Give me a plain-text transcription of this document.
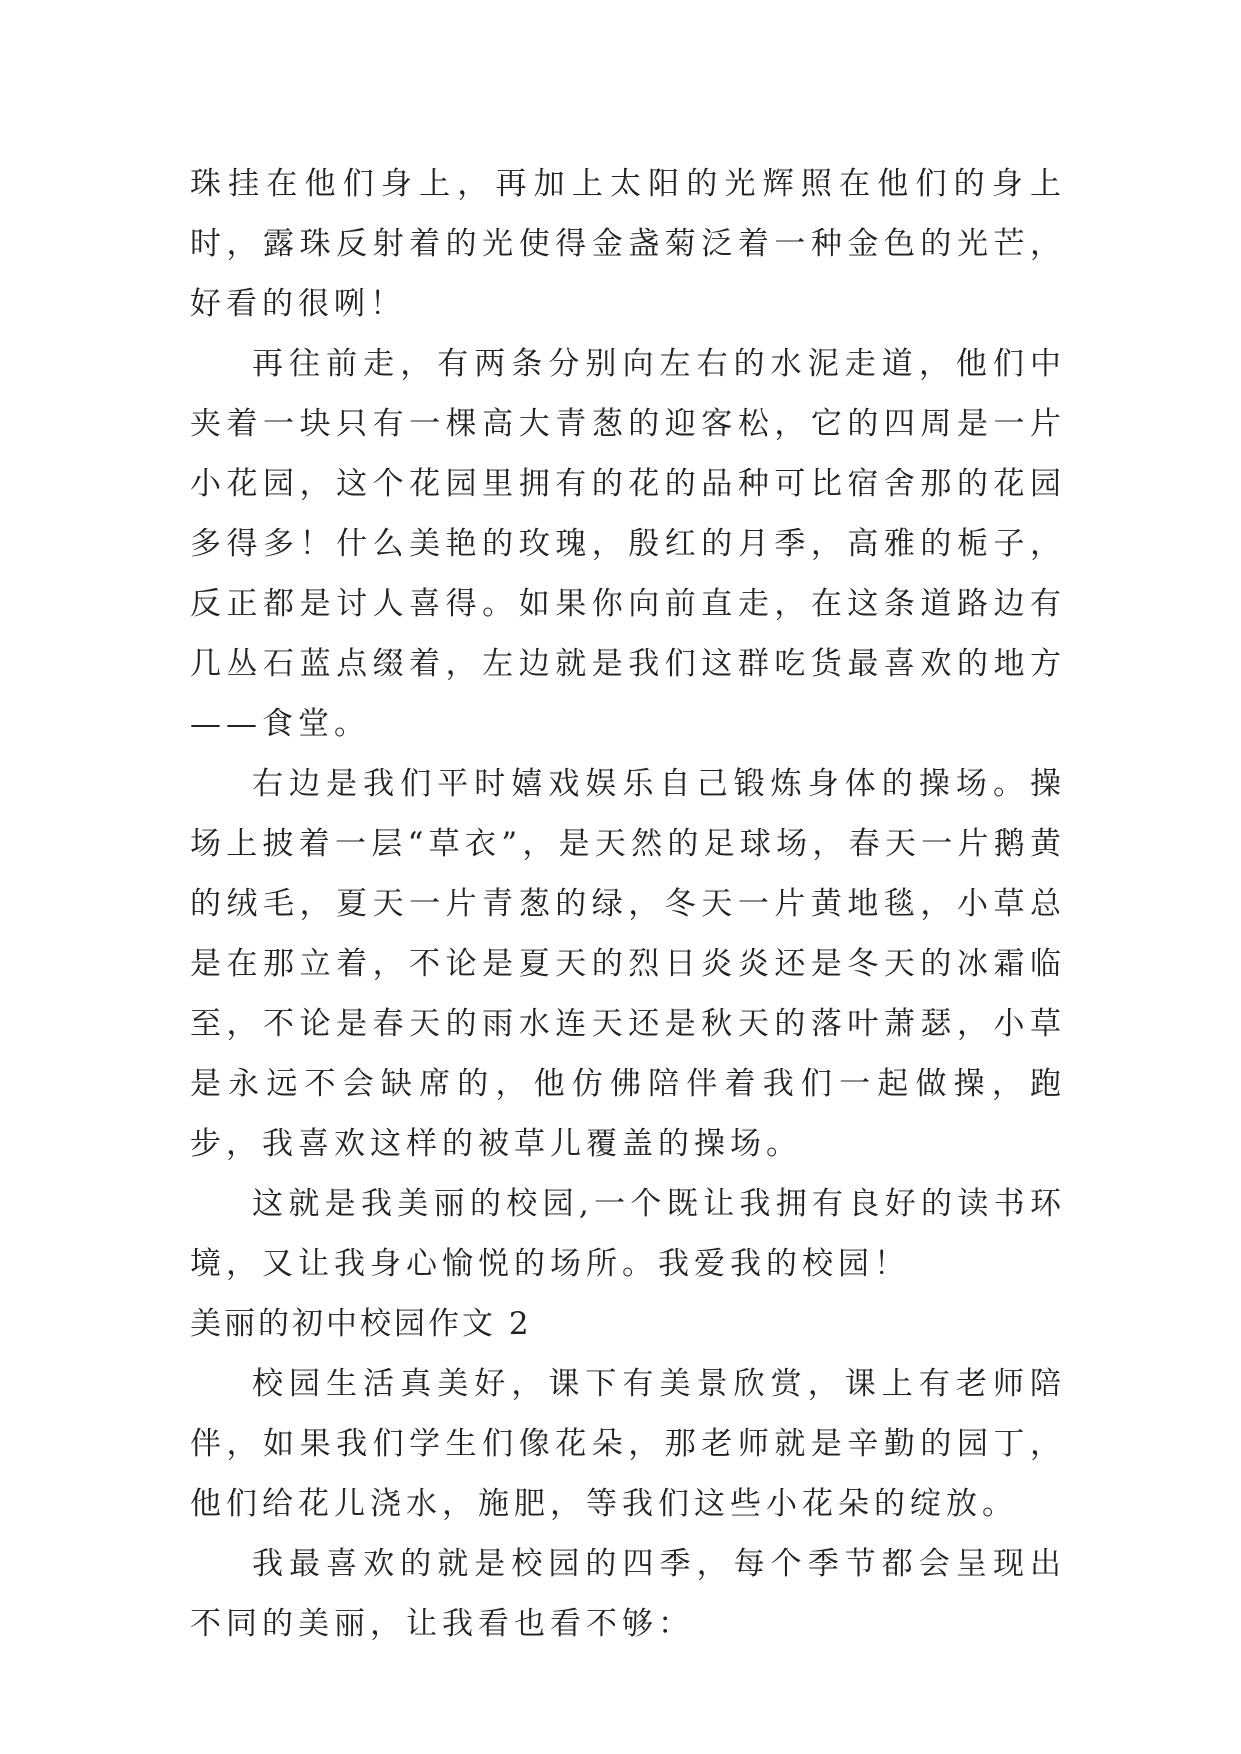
珠挂在他们身上，再加上太阳的光辉照在他们的身上时，露珠反射着的光使得金盏菊泛着一种金色的光芒，好看的很咧！

再往前走，有两条分别向左右的水泥走道，他们中夹着一块只有一棵高大青葱的迎客松，它的四周是一片小花园，这个花园里拥有的花的品种可比宿舍那的花园多得多！什么美艳的玫瑰，殷红的月季，高雅的栀子，反正都是讨人喜得。如果你向前直走，在这条道路边有几丛石蓝点缀着，左边就是我们这群吃货最喜欢的地方——食堂。

右边是我们平时嬉戏娱乐自己锻炼身体的操场。操场上披着一层“草衣”，是天然的足球场，春天一片鹅黄的绒毛，夏天一片青葱的绿，冬天一片黄地毯，小草总是在那立着，不论是夏天的烈日炎炎还是冬天的冰霜临至，不论是春天的雨水连天还是秋天的落叶萧瑟，小草是永远不会缺席的，他仿佛陪伴着我们一起做操，跑步，我喜欢这样的被草儿覆盖的操场。

这就是我美丽的校园,一个既让我拥有良好的读书环境，又让我身心愉悦的场所。我爱我的校园！

美丽的初中校园作文 2

校园生活真美好，课下有美景欣赏，课上有老师陪伴，如果我们学生们像花朵，那老师就是辛勤的园丁，他们给花儿浇水，施肥，等我们这些小花朵的绽放。

我最喜欢的就是校园的四季，每个季节都会呈现出不同的美丽，让我看也看不够：
